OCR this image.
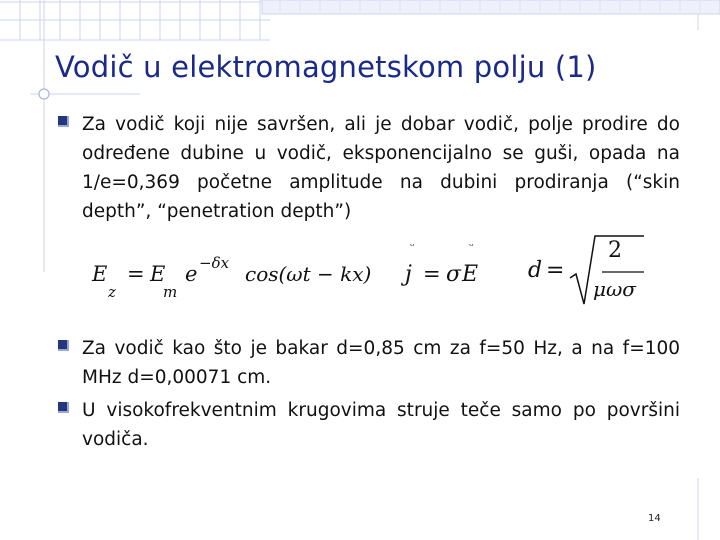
Vodič u elektromagnetskom polju (1)
Za vodič koji nije savršen, ali je dobar vodič, polje prodire do određene dubine u vodič, eksponencijalno se guši, opada na 1/e=0,369 početne amplitude na dubini prodiranja (“skin depth”, “penetration depth”)
E
z
= E
m
e −δx cos(ωt − kx)
ᵕ
j = σ
ᵕ
E d =
2
μωσ
Za vodič kao što je bakar d=0,85 cm za f=50 Hz, a na f=100 MHz d=0,00071 cm.
U visokofrekventnim krugovima struje teče samo po površini vodiča.
14
